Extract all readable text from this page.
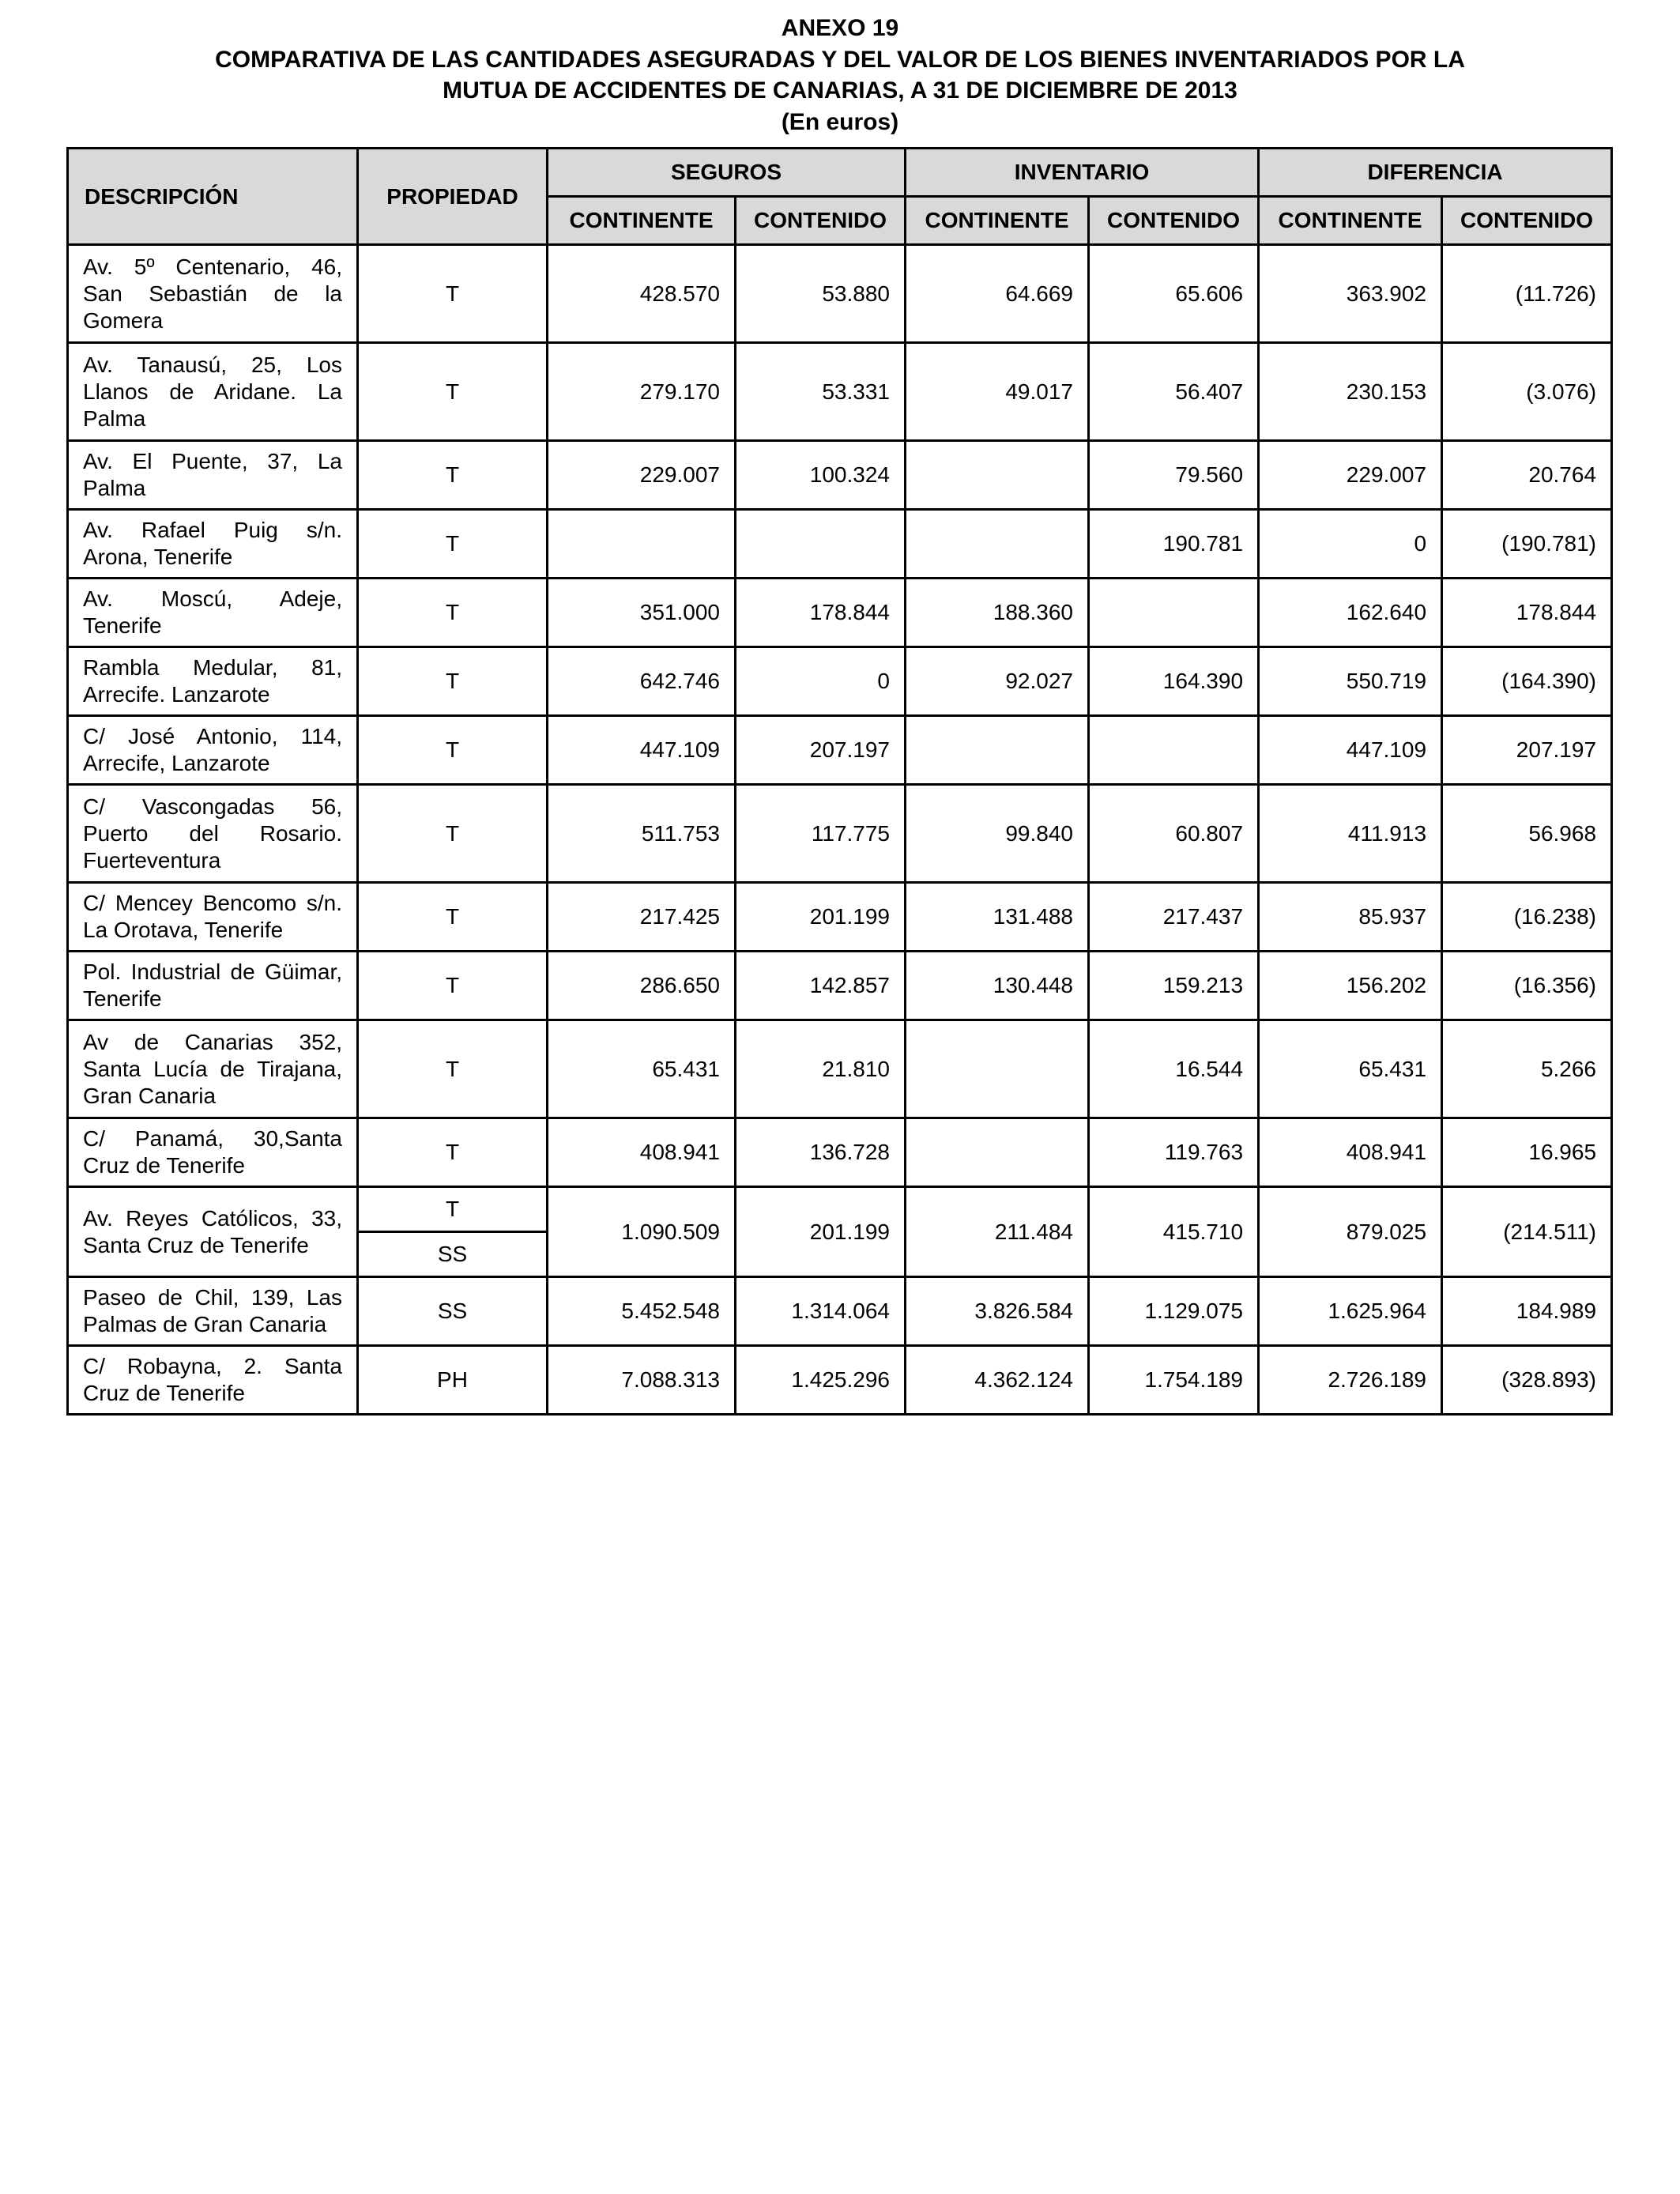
ANEXO 19
COMPARATIVA DE LAS CANTIDADES ASEGURADAS Y DEL VALOR DE LOS BIENES INVENTARIADOS POR LA
MUTUA DE ACCIDENTES DE CANARIAS, A 31 DE DICIEMBRE DE 2013
(En euros)
DESCRIPCIÓN	PROPIEDAD	SEGUROS		INVENTARIO		DIFERENCIA	
		CONTINENTE	CONTENIDO	CONTINENTE	CONTENIDO	CONTINENTE	CONTENIDO
Av. 5º Centenario, 46, San Sebastián de la Gomera	T	428.570	53.880	64.669	65.606	363.902	(11.726)
Av. Tanausú, 25, Los Llanos de Aridane. La Palma	T	279.170	53.331	49.017	56.407	230.153	(3.076)
Av. El Puente, 37, La Palma	T	229.007	100.324		79.560	229.007	20.764
Av. Rafael Puig s/n. Arona, Tenerife	T				190.781	0	(190.781)
Av. Moscú, Adeje, Tenerife	T	351.000	178.844	188.360		162.640	178.844
Rambla Medular, 81, Arrecife. Lanzarote	T	642.746	0	92.027	164.390	550.719	(164.390)
C/ José Antonio, 114, Arrecife, Lanzarote	T	447.109	207.197			447.109	207.197
C/ Vascongadas 56, Puerto del Rosario. Fuerteventura	T	511.753	117.775	99.840	60.807	411.913	56.968
C/ Mencey Bencomo s/n. La Orotava, Tenerife	T	217.425	201.199	131.488	217.437	85.937	(16.238)
Pol. Industrial de Güimar, Tenerife	T	286.650	142.857	130.448	159.213	156.202	(16.356)
Av de Canarias 352, Santa Lucía de Tirajana, Gran Canaria	T	65.431	21.810		16.544	65.431	5.266
C/ Panamá, 30,Santa Cruz de Tenerife	T	408.941	136.728		119.763	408.941	16.965
Av. Reyes Católicos, 33, Santa Cruz de Tenerife	T	1.090.509	201.199	211.484	415.710	879.025	(214.511)
	SS						
Paseo de Chil, 139, Las Palmas de Gran Canaria	SS	5.452.548	1.314.064	3.826.584	1.129.075	1.625.964	184.989
C/ Robayna, 2. Santa Cruz de Tenerife	PH	7.088.313	1.425.296	4.362.124	1.754.189	2.726.189	(328.893)
